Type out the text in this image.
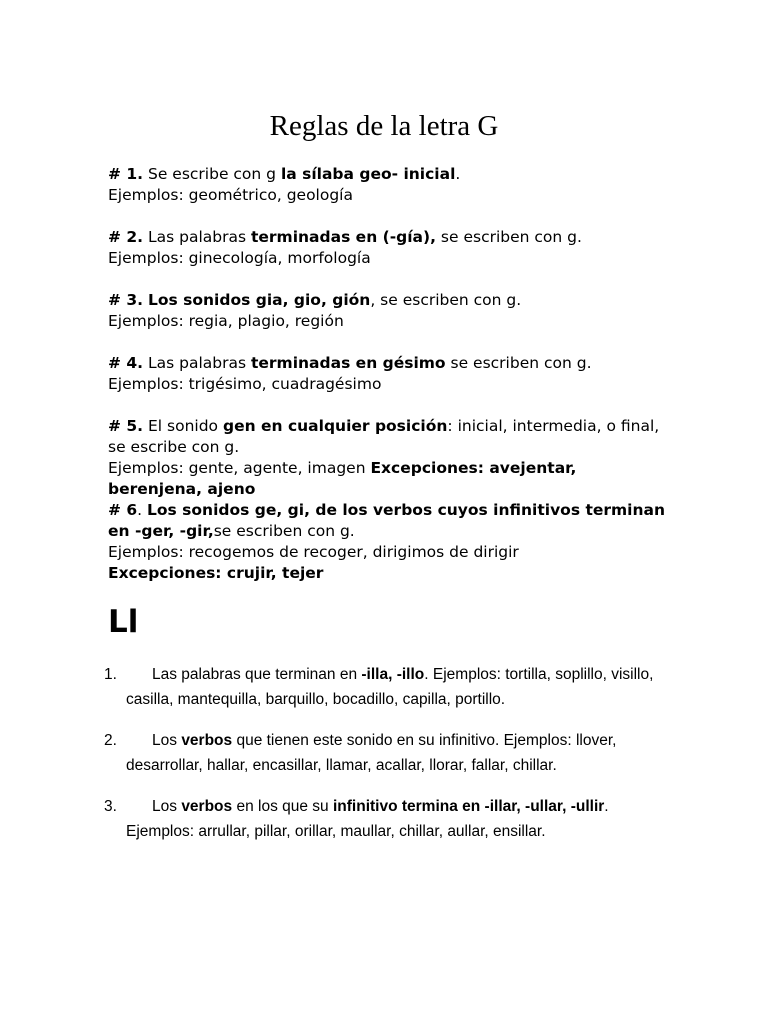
Reglas de la letra G

# 1. Se escribe con g la sílaba geo- inicial.

Ejemplos: geométrico, geología

# 2. Las palabras terminadas en (-gía), se escriben con g.

Ejemplos: ginecología, morfología

# 3. Los sonidos gia, gio, gión, se escriben con g.

Ejemplos: regia, plagio, región

# 4. Las palabras terminadas en gésimo se escriben con g.

Ejemplos: trigésimo, cuadragésimo

# 5. El sonido gen en cualquier posición: inicial, intermedia, o final, se escribe con g.

Ejemplos: gente, agente, imagen Excepciones: avejentar, berenjena, ajeno

# 6. Los sonidos ge, gi, de los verbos cuyos infinitivos terminan en -ger, -gir,se escriben con g.

Ejemplos: recogemos de recoger, dirigimos de dirigir

Excepciones: crujir, tejer

Ll
1.	Las palabras que terminan en -illa, -illo. Ejemplos: tortilla, soplillo, visillo, casilla, mantequilla, barquillo, bocadillo, capilla, portillo.
2.	Los verbos que tienen este sonido en su infinitivo. Ejemplos: llover, desarrollar, hallar, encasillar, llamar, acallar, llorar, fallar, chillar.
3.	Los verbos en los que su infinitivo termina en -illar, -ullar, -ullir. Ejemplos: arrullar, pillar, orillar, maullar, chillar, aullar, ensillar.
